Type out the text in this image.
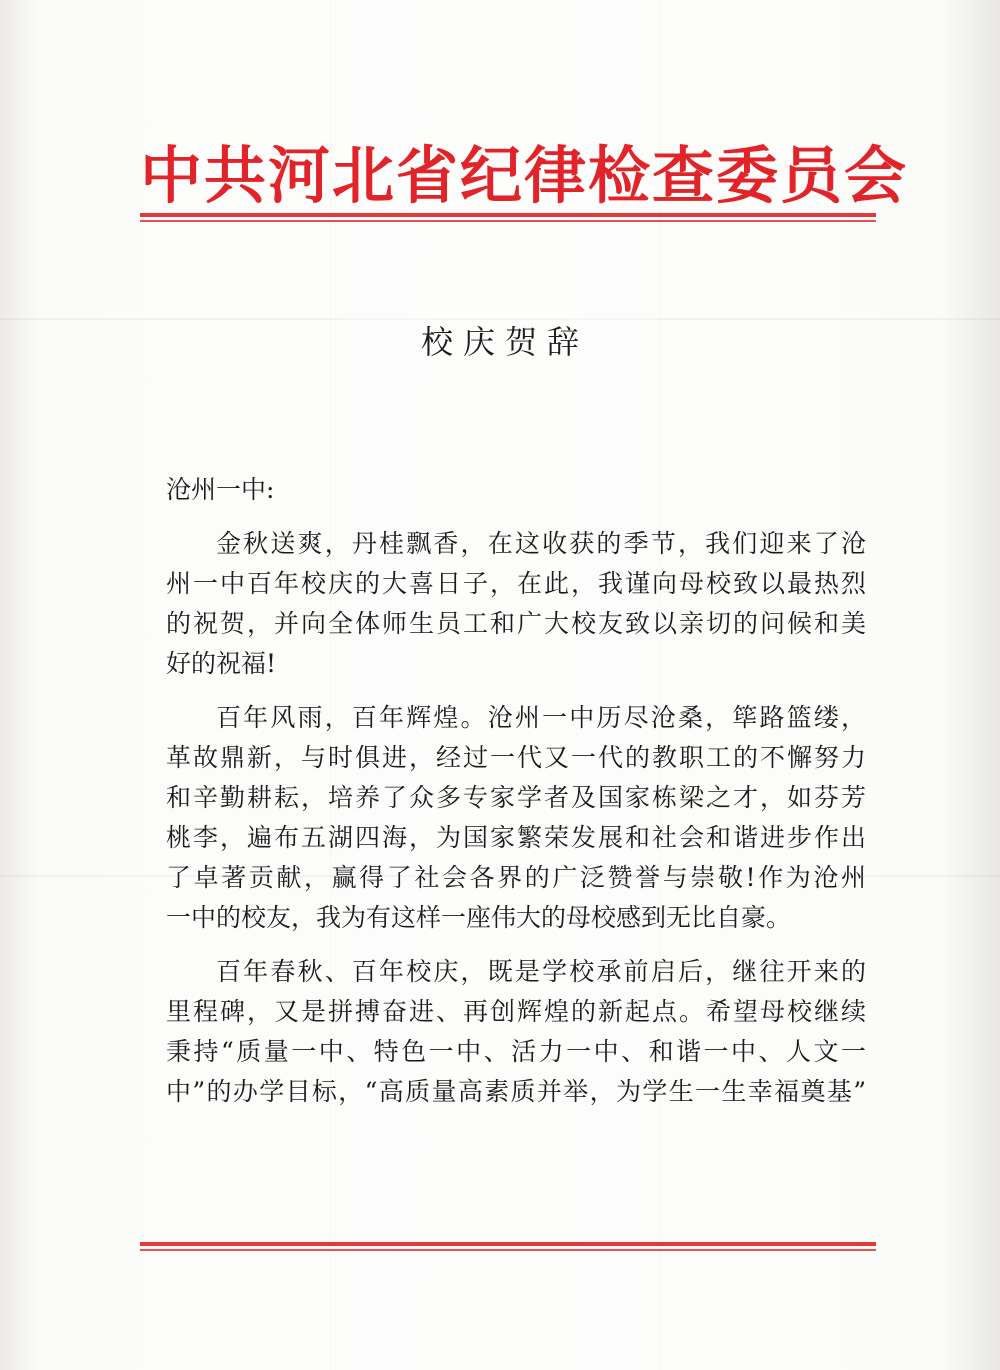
中共河北省纪律检查委员会
校庆贺辞
沧州一中:
金秋送爽，丹桂飘香，在这收获的季节，我们迎来了沧
州一中百年校庆的大喜日子，在此，我谨向母校致以最热烈
的祝贺，并向全体师生员工和广大校友致以亲切的问候和美
好的祝福!
百年风雨，百年辉煌。沧州一中历尽沧桑，筚路篮缕，
革故鼎新，与时俱进，经过一代又一代的教职工的不懈努力
和辛勤耕耘，培养了众多专家学者及国家栋梁之才，如芬芳
桃李，遍布五湖四海，为国家繁荣发展和社会和谐进步作出
了卓著贡献，赢得了社会各界的广泛赞誉与崇敬!作为沧州
一中的校友，我为有这样一座伟大的母校感到无比自豪。
百年春秋、百年校庆，既是学校承前启后，继往开来的
里程碑，又是拼搏奋进、再创辉煌的新起点。希望母校继续
秉持“质量一中、特色一中、活力一中、和谐一中、人文一
中”的办学目标，“高质量高素质并举，为学生一生幸福奠基”
